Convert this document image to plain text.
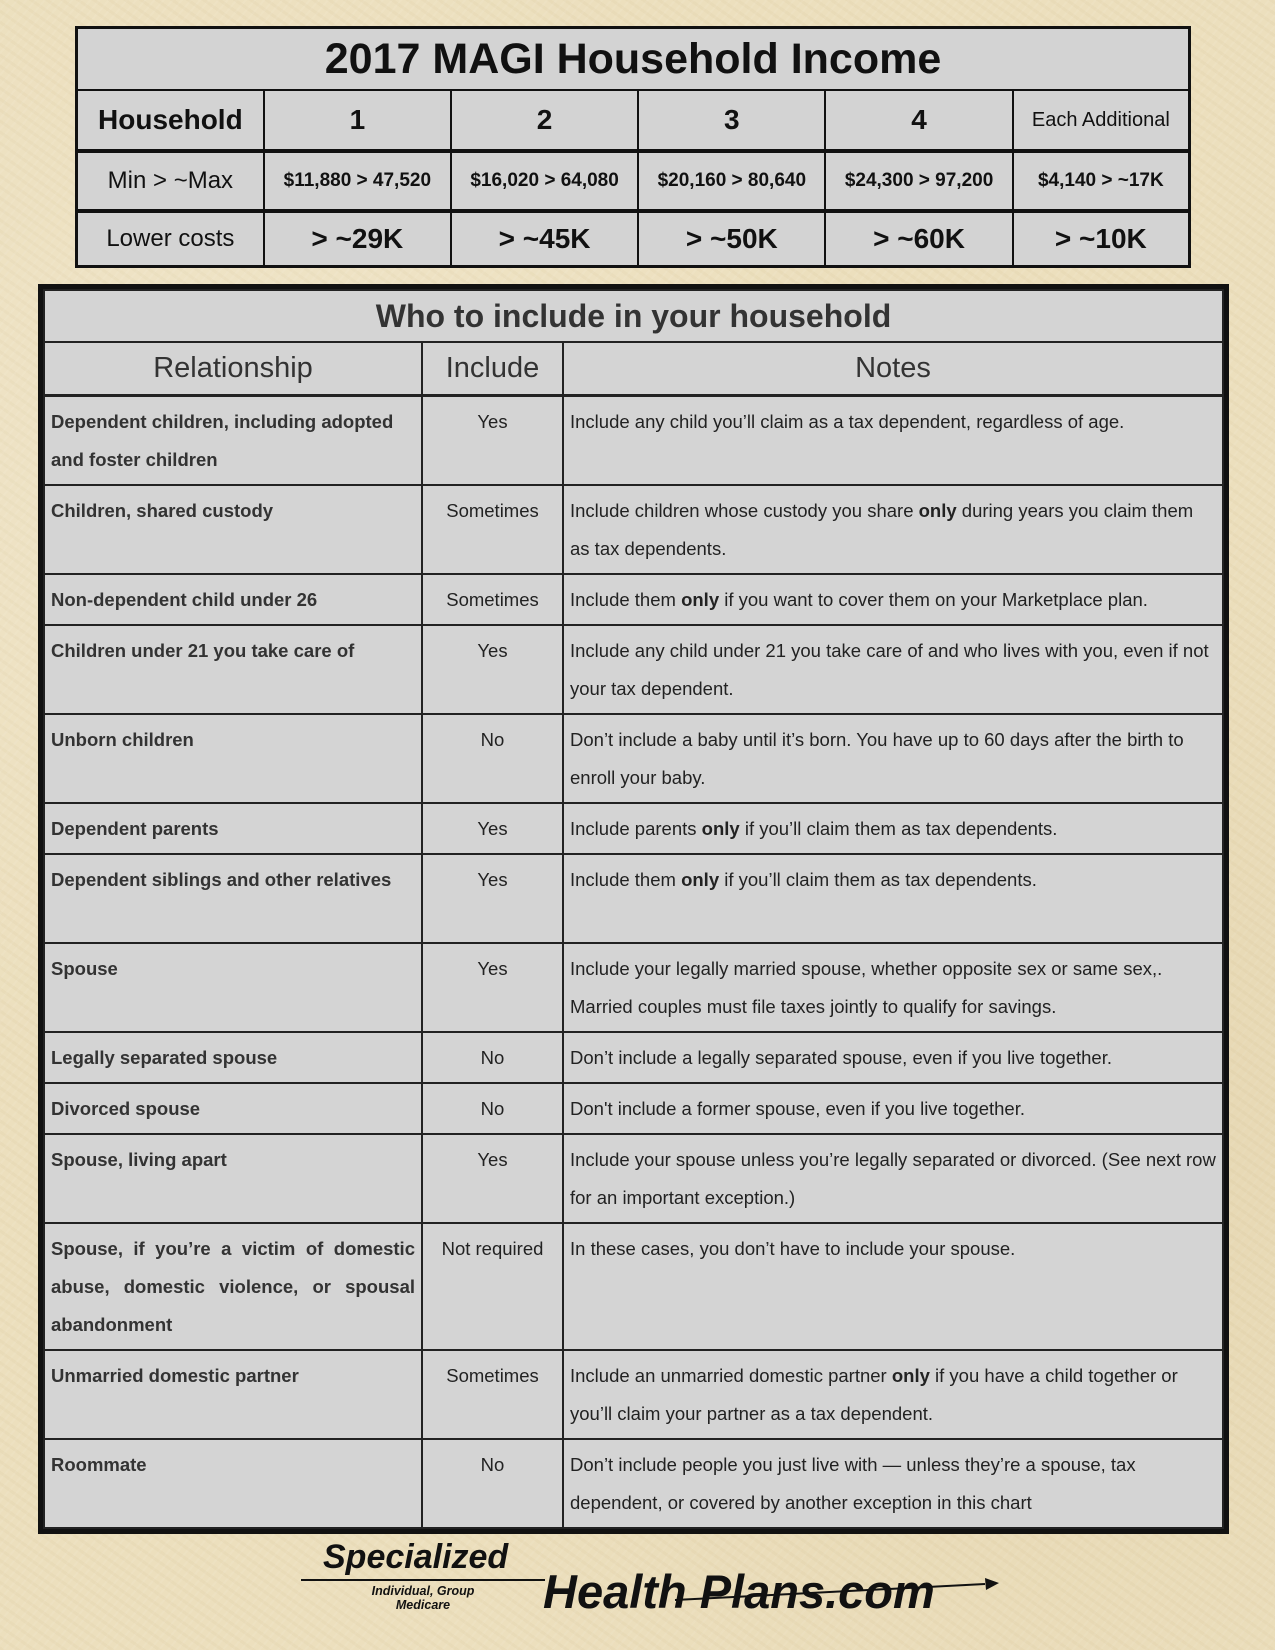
2017 MAGI Household Income					
Household	1	2	3	4	Each Additional
Min > ~Max	$11,880 > 47,520	$16,020 > 64,080	$20,160 > 80,640	$24,300 > 97,200	$4,140 > ~17K
Lower costs	> ~29K	> ~45K	> ~50K	> ~60K	> ~10K
Who to include in your household		
Relationship	Include	Notes
Dependent children, including adopted and foster children	Yes	Include any child you’ll claim as a tax dependent, regardless of age.
Children, shared custody	Sometimes	Include children whose custody you share only during years you claim them as tax dependents.
Non-dependent child under 26	Sometimes	Include them only if you want to cover them on your Marketplace plan.
Children under 21 you take care of	Yes	Include any child under 21 you take care of and who lives with you, even if not your tax dependent.
Unborn children	No	Don’t include a baby until it’s born. You have up to 60 days after the birth to enroll your baby.
Dependent parents	Yes	Include parents only if you’ll claim them as tax dependents.
Dependent siblings and other relatives	Yes	Include them only if you’ll claim them as tax dependents.
Spouse	Yes	Include your legally married spouse, whether opposite sex or same sex,. Married couples must file taxes jointly to qualify for savings.
Legally separated spouse	No	Don’t include a legally separated spouse, even if you live together.
Divorced spouse	No	Don't include a former spouse, even if you live together.
Spouse, living apart	Yes	Include your spouse unless you’re legally separated or divorced. (See next row for an important exception.)
Spouse, if you’re a victim of domestic abuse, domestic violence, or spousal abandonment	Not required	In these cases, you don’t have to include your spouse.
Unmarried domestic partner	Sometimes	Include an unmarried domestic partner only if you have a child together or you’ll claim your partner as a tax dependent.
Roommate	No	Don’t include people you just live with — unless they’re a spouse, tax dependent, or covered by another exception in this chart
Specialized
Individual, Group
Medicare	Health Plans.com
